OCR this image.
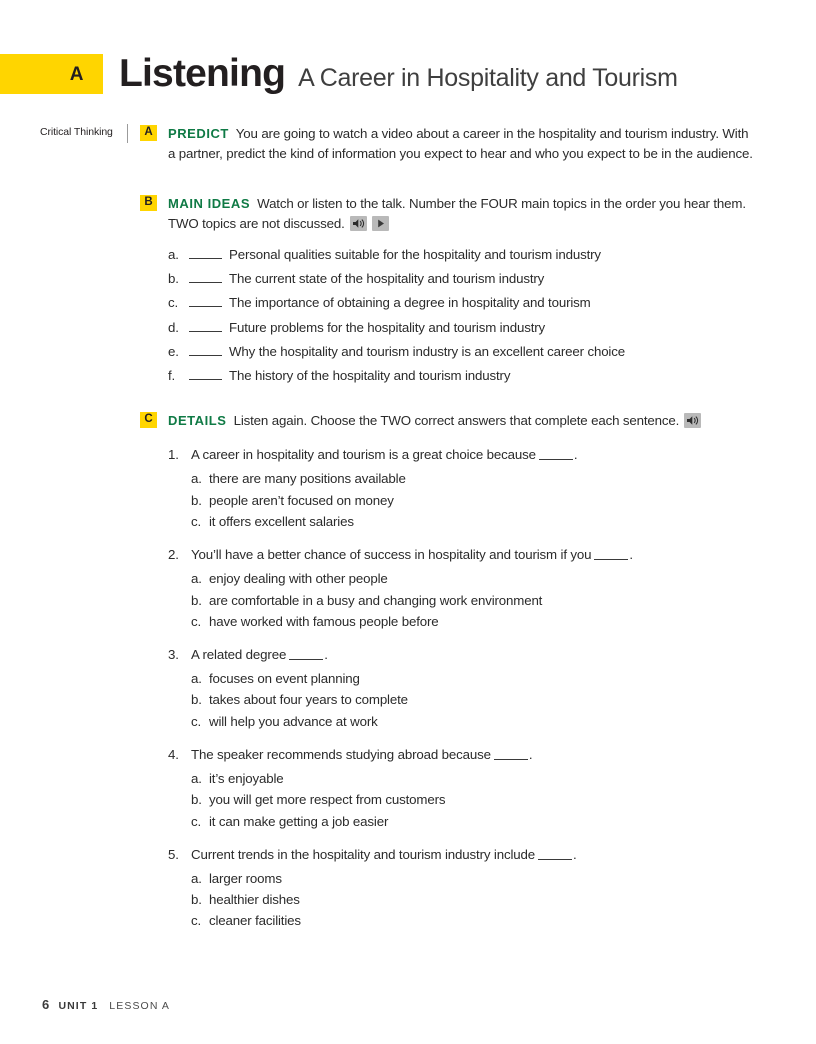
A Listening A Career in Hospitality and Tourism
Critical Thinking	A	PREDICT You are going to watch a video about a career in the hospitality and tourism industry. With a partner, predict the kind of information you expect to hear and who you expect to be in the audience.
B	MAIN IDEAS Watch or listen to the talk. Number the FOUR main topics in the order you hear them. TWO topics are not discussed.
a.	Personal qualities suitable for the hospitality and tourism industry
b.	The current state of the hospitality and tourism industry
c.	The importance of obtaining a degree in hospitality and tourism
d.	Future problems for the hospitality and tourism industry
e.	Why the hospitality and tourism industry is an excellent career choice
f.	The history of the hospitality and tourism industry
C	DETAILS Listen again. Choose the TWO correct answers that complete each sentence.
1. A career in hospitality and tourism is a great choice because	.
a. there are many positions available
b. people aren’t focused on money
c. it offers excellent salaries
2. You’ll have a better chance of success in hospitality and tourism if you	.
a. enjoy dealing with other people
b. are comfortable in a busy and changing work environment
c. have worked with famous people before
3. A related degree	.
a. focuses on event planning
b. takes about four years to complete
c. will help you advance at work
4. The speaker recommends studying abroad because	.
a. it’s enjoyable
b. you will get more respect from customers
c. it can make getting a job easier
5. Current trends in the hospitality and tourism industry include	.
a. larger rooms
b. healthier dishes
c. cleaner facilities
6 UNIT 1 LESSON A
